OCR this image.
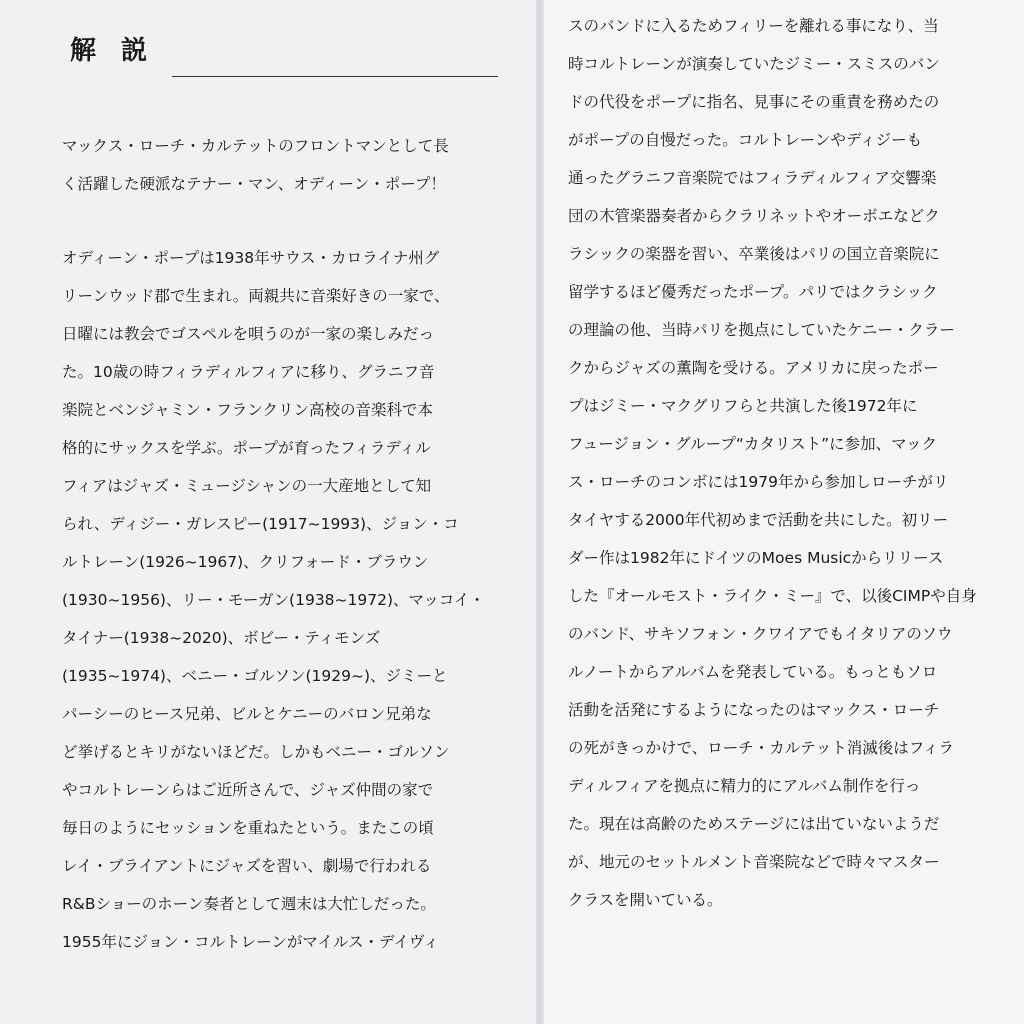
解 説

マックス・ローチ・カルテットのフロントマンとして長
く活躍した硬派なテナー・マン、オディーン・ポープ！

オディーン・ポープは1938年サウス・カロライナ州グ
リーンウッド郡で生まれ。両親共に音楽好きの一家で、
日曜には教会でゴスペルを唄うのが一家の楽しみだっ
た。10歳の時フィラディルフィアに移り、グラニフ音
楽院とベンジャミン・フランクリン高校の音楽科で本
格的にサックスを学ぶ。ポープが育ったフィラディル
フィアはジャズ・ミュージシャンの一大産地として知
られ、ディジー・ガレスピー(1917~1993)、ジョン・コ
ルトレーン(1926~1967)、クリフォード・ブラウン
(1930~1956)、リー・モーガン(1938~1972)、マッコイ・
タイナー(1938~2020)、ボビー・ティモンズ
(1935~1974)、ベニー・ゴルソン(1929~)、ジミーと
パーシーのヒース兄弟、ビルとケニーのバロン兄弟な
ど挙げるとキリがないほどだ。しかもベニー・ゴルソン
やコルトレーンらはご近所さんで、ジャズ仲間の家で
毎日のようにセッションを重ねたという。またこの頃
レイ・ブライアントにジャズを習い、劇場で行われる
R&Bショーのホーン奏者として週末は大忙しだった。
1955年にジョン・コルトレーンがマイルス・デイヴィ

スのバンドに入るためフィリーを離れる事になり、当
時コルトレーンが演奏していたジミー・スミスのバン
ドの代役をポープに指名、見事にその重責を務めたの
がポープの自慢だった。コルトレーンやディジーも
通ったグラニフ音楽院ではフィラディルフィア交響楽
団の木管楽器奏者からクラリネットやオーボエなどク
ラシックの楽器を習い、卒業後はパリの国立音楽院に
留学するほど優秀だったポープ。パリではクラシック
の理論の他、当時パリを拠点にしていたケニー・クラー
クからジャズの薫陶を受ける。アメリカに戻ったポー
プはジミー・マクグリフらと共演した後1972年に
フュージョン・グループ“カタリスト”に参加、マック
ス・ローチのコンボには1979年から参加しローチがリ
タイヤする2000年代初めまで活動を共にした。初リー
ダー作は1982年にドイツのMoes Musicからリリース
した『オールモスト・ライク・ミー』で、以後CIMPや自身
のバンド、サキソフォン・クワイアでもイタリアのソウ
ルノートからアルバムを発表している。もっともソロ
活動を活発にするようになったのはマックス・ローチ
の死がきっかけで、ローチ・カルテット消滅後はフィラ
ディルフィアを拠点に精力的にアルバム制作を行っ
た。現在は高齢のためステージには出ていないようだ
が、地元のセットルメント音楽院などで時々マスター
クラスを開いている。
